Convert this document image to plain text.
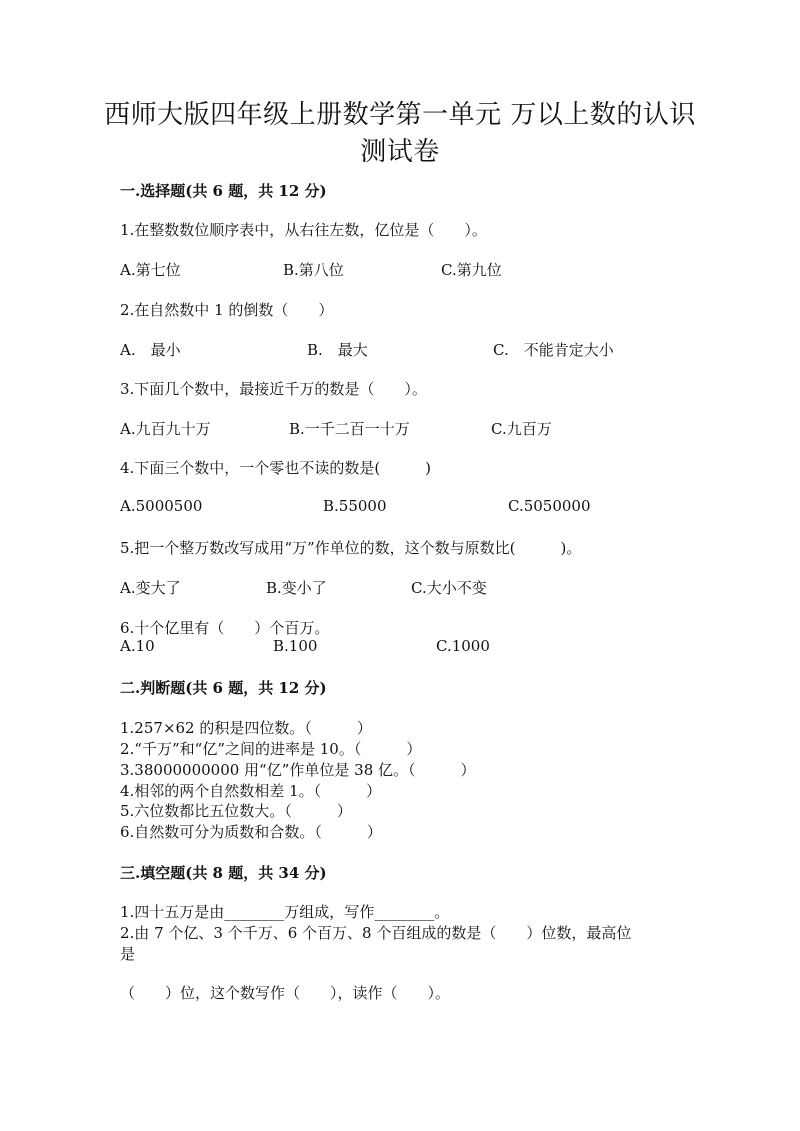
西师大版四年级上册数学第一单元 万以上数的认识
测试卷
一.选择题(共 6 题，共 12 分)
1.在整数数位顺序表中，从右往左数，亿位是（　　）。
A.第七位	B.第八位	C.第九位
2.在自然数中 1 的倒数（　　）
A.　最小	B.　最大	C.　不能肯定大小
3.下面几个数中，最接近千万的数是（　　）。
A.九百九十万	B.一千二百一十万	C.九百万
4.下面三个数中，一个零也不读的数是(　　　)
A.5000500	B.55000	C.5050000
5.把一个整万数改写成用“万”作单位的数，这个数与原数比(　　　)。
A.变大了	B.变小了	C.大小不变
6.十个亿里有（　　）个百万。
A.10	B.100	C.1000
二.判断题(共 6 题，共 12 分)
1.257×62 的积是四位数。（　　　）
2.“千万”和“亿”之间的进率是 10。（　　　）
3.38000000000 用“亿”作单位是 38 亿。（　　　）
4.相邻的两个自然数相差 1。（　　　）
5.六位数都比五位数大。（　　　）
6.自然数可分为质数和合数。（　　　）
三.填空题(共 8 题，共 34 分)
1.四十五万是由________万组成，写作________。
2.由 7 个亿、3 个千万、6 个百万、8 个百组成的数是（　　）位数，最高位
是
（　　）位，这个数写作（　　），读作（　　）。
